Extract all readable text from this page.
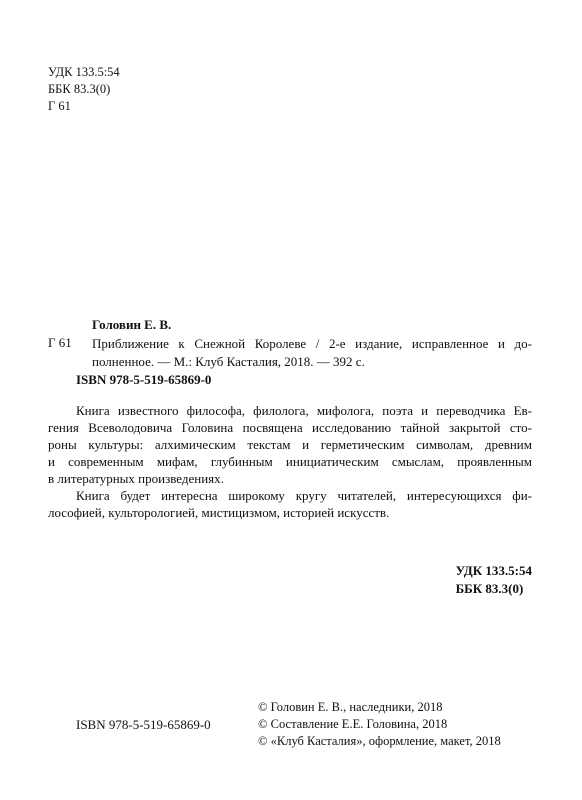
УДК 133.5:54
ББК 83.3(0)
Г 61
Головин Е. В.
Г 61 Приближение к Снежной Королеве / 2-е издание, исправленное и до-
полненное. — М.: Клуб Касталия, 2018. — 392 с.
ISBN 978-5-519-65869-0
Книга известного философа, филолога, мифолога, поэта и переводчика Ев-
гения Всеволодовича Головина посвящена исследованию тайной закрытой сто-
роны культуры: алхимическим текстам и герметическим символам, древним
и современным мифам, глубинным инициатическим смыслам, проявленным
в литературных произведениях.
Книга будет интересна широкому кругу читателей, интересующихся фи-
лософией, культорологией, мистицизмом, историей искусств.
УДК 133.5:54
ББК 83.3(0)
ISBN 978-5-519-65869-0
© Головин Е. В., наследники, 2018
© Составление Е.Е. Головина, 2018
© «Клуб Касталия», оформление, макет, 2018
